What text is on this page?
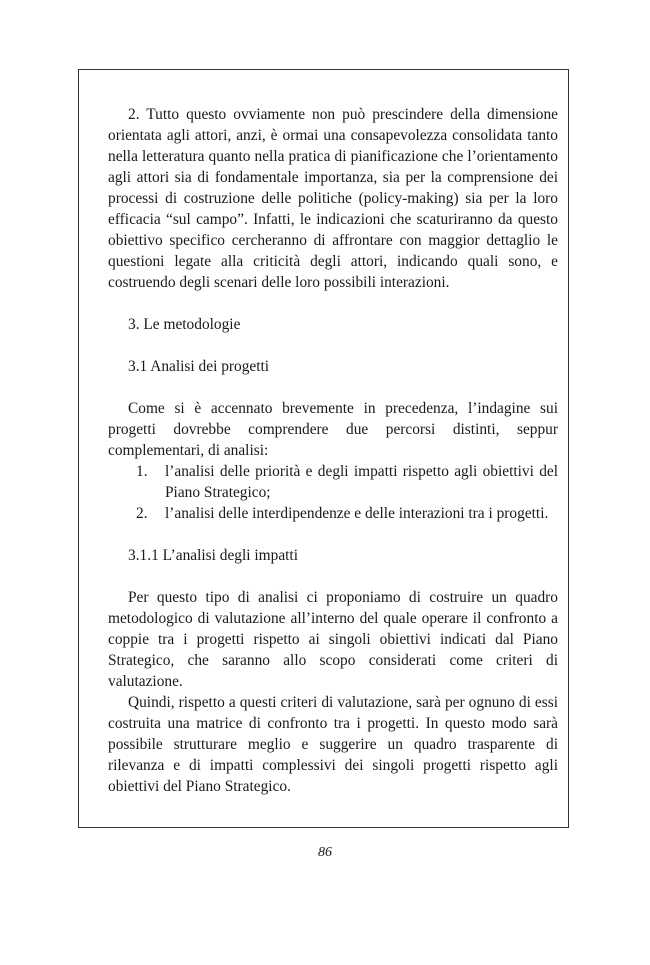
2. Tutto questo ovviamente non può prescindere della dimensione orientata agli attori, anzi, è ormai una consapevolezza consolidata tanto nella letteratura quanto nella pratica di pianificazione che l’orientamento agli attori sia di fondamentale importanza, sia per la comprensione dei processi di costruzione delle politiche (policy-making) sia per la loro efficacia “sul campo”. Infatti, le indicazioni che scaturiranno da questo obiettivo specifico cercheranno di affrontare con maggior dettaglio le questioni legate alla criticità degli attori, indicando quali sono, e costruendo degli scenari delle loro possibili interazioni.

3. Le metodologie
3.1 Analisi dei progetti

Come si è accennato brevemente in precedenza, l’indagine sui progetti dovrebbe comprendere due percorsi distinti, seppur complementari, di analisi:

1. l’analisi delle priorità e degli impatti rispetto agli obiettivi del Piano Strategico;
2. l’analisi delle interdipendenze e delle interazioni tra i progetti.
3.1.1 L’analisi degli impatti

Per questo tipo di analisi ci proponiamo di costruire un quadro metodologico di valutazione all’interno del quale operare il confronto a coppie tra i progetti rispetto ai singoli obiettivi indicati dal Piano Strategico, che saranno allo scopo considerati come criteri di valutazione.

Quindi, rispetto a questi criteri di valutazione, sarà per ognuno di essi costruita una matrice di confronto tra i progetti. In questo modo sarà possibile strutturare meglio e suggerire un quadro trasparente di rilevanza e di impatti complessivi dei singoli progetti rispetto agli obiettivi del Piano Strategico.

86
